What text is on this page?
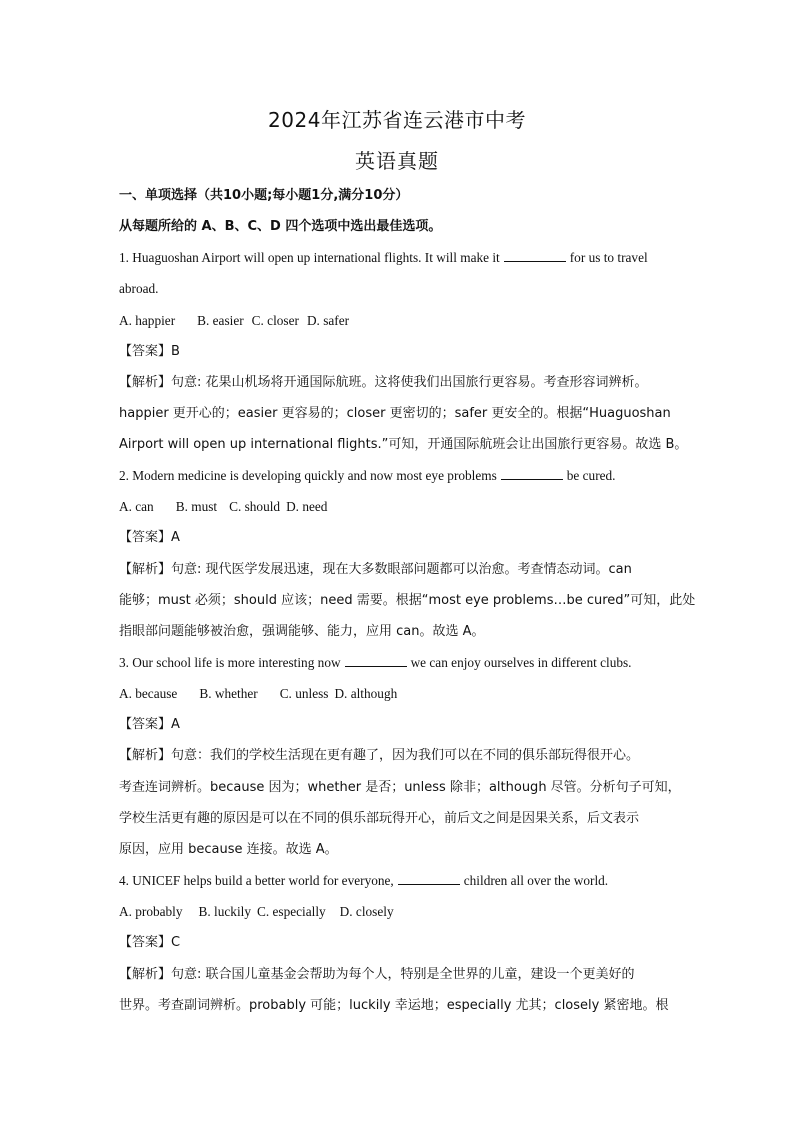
2024年江苏省连云港市中考
英语真题
一、单项选择（共10小题;每小题1分,满分10分）
从每题所给的 A、B、C、D 四个选项中选出最佳选项。
1. Huaguoshan Airport will open up international flights. It will make it	for us to travel
abroad.
A. happier B. easier C. closer D. safer
【答案】B
【解析】句意: 花果山机场将开通国际航班。这将使我们出国旅行更容易。考查形容词辨析。
happier 更开心的；easier 更容易的；closer 更密切的；safer 更安全的。根据“Huaguoshan
Airport will open up international flights.”可知，开通国际航班会让出国旅行更容易。故选 B。
2. Modern medicine is developing quickly and now most eye problems	be cured.
A. can B. must C. should D. need
【答案】A
【解析】句意: 现代医学发展迅速，现在大多数眼部问题都可以治愈。考查情态动词。can
能够；must 必须；should 应该；need 需要。根据“most eye problems…be cured”可知，此处
指眼部问题能够被治愈，强调能够、能力，应用 can。故选 A。
3. Our school life is more interesting now	we can enjoy ourselves in different clubs.
A. because B. whether C. unless D. although
【答案】A
【解析】句意：我们的学校生活现在更有趣了，因为我们可以在不同的俱乐部玩得很开心。
考查连词辨析。because 因为；whether 是否；unless 除非；although 尽管。分析句子可知，
学校生活更有趣的原因是可以在不同的俱乐部玩得开心，前后文之间是因果关系，后文表示
原因，应用 because 连接。故选 A。
4. UNICEF helps build a better world for everyone,	children all over the world.
A. probably B. luckily C. especially D. closely
【答案】C
【解析】句意: 联合国儿童基金会帮助为每个人，特别是全世界的儿童，建设一个更美好的
世界。考查副词辨析。probably 可能；luckily 幸运地；especially 尤其；closely 紧密地。根
